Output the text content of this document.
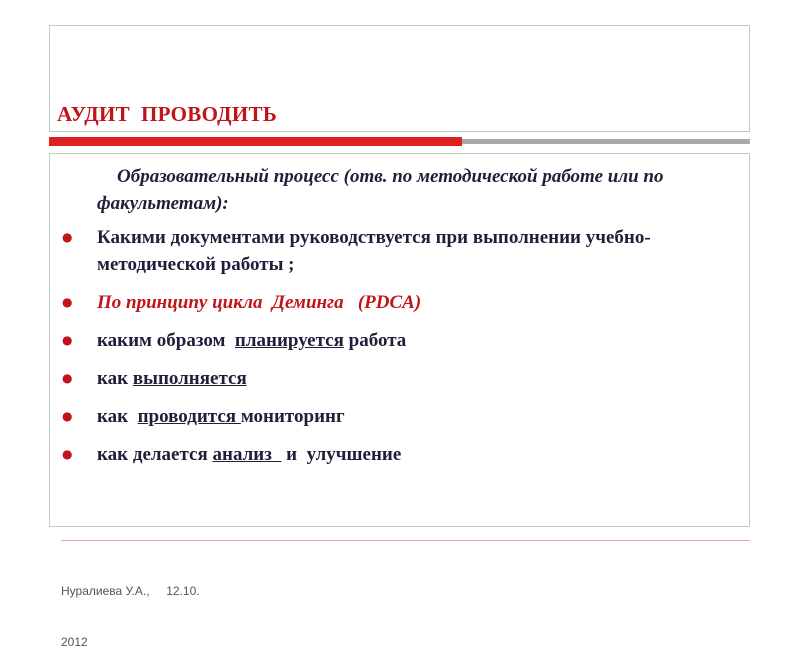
АУДИТ  ПРОВОДИТЬ

Образовательный процесс (отв. по методической работе или по факультетам):

● Какими документами руководствуется при выполнении учебно-методической работы ;
● По принципу цикла  Деминга   (PDCA)
● каким образом  планируется работа
● как выполняется
● как  проводится мониторинг
● как делается анализ   и  улучшение

Нуралиева У.А.,     12.10.

2012
